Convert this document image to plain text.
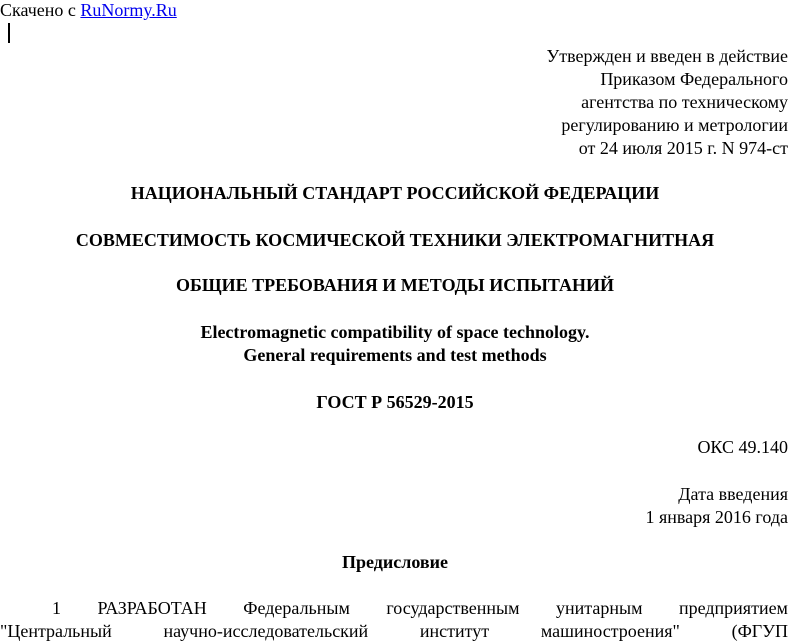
Скачено с RuNormy.Ru
Утвержден и введен в действие
Приказом Федерального
агентства по техническому
регулированию и метрологии
от 24 июля 2015 г. N 974-ст
НАЦИОНАЛЬНЫЙ СТАНДАРТ РОССИЙСКОЙ ФЕДЕРАЦИИ
СОВМЕСТИМОСТЬ КОСМИЧЕСКОЙ ТЕХНИКИ ЭЛЕКТРОМАГНИТНАЯ
ОБЩИЕ ТРЕБОВАНИЯ И МЕТОДЫ ИСПЫТАНИЙ
Electromagnetic compatibility of space technology.
General requirements and test methods
ГОСТ Р 56529-2015
ОКС 49.140
Дата введения
1 января 2016 года
Предисловие
1 РАЗРАБОТАН Федеральным государственным унитарным предприятием
"Центральный	научно-исследовательский	институт	машиностроения"	(ФГУП
